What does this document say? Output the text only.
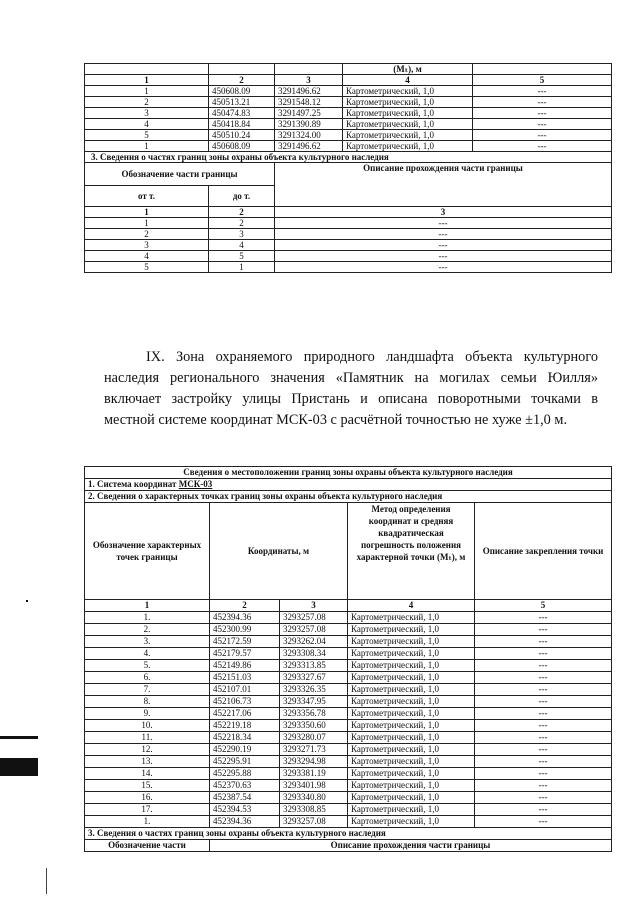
			(Mₜ), м	
1	2	3	4	5
1	450608.09	3291496.62	Картометрический, 1,0	---
2	450513.21	3291548.12	Картометрический, 1,0	---
3	450474.83	3291497.25	Картометрический, 1,0	---
4	450418.84	3291390.89	Картометрический, 1,0	---
5	450510.24	3291324.00	Картометрический, 1,0	---
1	450608.09	3291496.62	Картометрический, 1,0	---
3. Сведения о частях границ зоны охраны объекта культурного наследия				
Обозначение части границы		Описание прохождения части границы		
от т.	до т.			
1	2	3		
1	2	---		
2	3	---		
3	4	---		
4	5	---		
5	1	---		
IX. Зона охраняемого природного ландшафта объекта культурного наследия регионального значения «Памятник на могилах семьи Юилля» включает застройку улицы Пристань и описана поворотными точками в местной системе координат МСК-03 с расчётной точностью не хуже ±1,0 м.
Сведения о местоположении границ зоны охраны объекта культурного наследия				
1. Система координат МСК-03				
2. Сведения о характерных точках границ зоны охраны объекта культурного наследия				
Обозначение характерных точек границы	Координаты, м		Метод определения координат и средняя квадратическая погрешность положения характерной точки (Mₜ), м	Описание закрепления точки
1	2	3	4	5
1.	452394.36	3293257.08	Картометрический, 1,0	---
2.	452300.99	3293257.08	Картометрический, 1,0	---
3.	452172.59	3293262.04	Картометрический, 1,0	---
4.	452179.57	3293308.34	Картометрический, 1,0	---
5.	452149.86	3293313.85	Картометрический, 1,0	---
6.	452151.03	3293327.67	Картометрический, 1,0	---
7.	452107.01	3293326.35	Картометрический, 1,0	---
8.	452106.73	3293347.95	Картометрический, 1,0	---
9.	452217.06	3293356.78	Картометрический, 1,0	---
10.	452219.18	3293350.60	Картометрический, 1,0	---
11.	452218.34	3293280.07	Картометрический, 1,0	---
12.	452290.19	3293271.73	Картометрический, 1,0	---
13.	452295.91	3293294.98	Картометрический, 1,0	---
14.	452295.88	3293381.19	Картометрический, 1,0	---
15.	452370.63	3293401.98	Картометрический, 1,0	---
16.	452387.54	3293340.80	Картометрический, 1,0	---
17.	452394.53	3293308.85	Картометрический, 1,0	---
1.	452394.36	3293257.08	Картометрический, 1,0	---
3. Сведения о частях границ зоны охраны объекта культурного наследия				
Обозначение части	Описание прохождения части границы			
